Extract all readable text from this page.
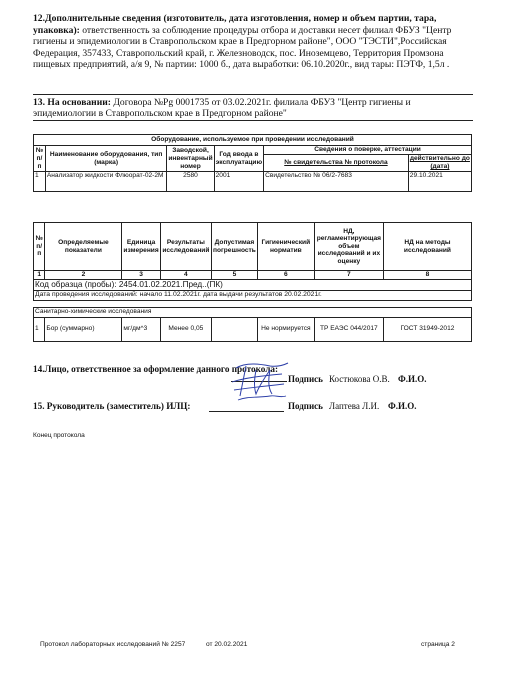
12.Дополнительные сведения (изготовитель, дата изготовления, номер и объем партии, тара, упаковка): ответственность за соблюдение процедуры отбора и доставки несет филиал ФБУЗ "Центр гигиены и эпидемиологии в Ставропольском крае в Предгорном районе", ООО "ТЭСТИ",Российская Федерация, 357433, Ставропольский край, г. Железноводск, пос. Иноземцево, Территория Промзона пищевых предприятий, а/я 9, № партии: 1000 б., дата выработки: 06.10.2020г., вид тары: ПЭТФ, 1,5л .
13. На основании: Договора №Pg 0001735 от 03.02.2021г. филиала ФБУЗ "Центр гигиены и эпидемиологии в Ставропольском крае в Предгорном районе"
Оборудование, используемое при проведении исследований					
№ п/п	Наименование оборудования, тип (марка)	Заводской, инвентарный номер	Год ввода в эксплуатацию	Сведения о поверке, аттестации	
				№ свидетельства № протокола	действительно до (дата)
1	Анализатор жидкости Флюорат-02-2М	2580	2001	Свидетельство № 06/2-7683	29.10.2021
№ п/п	Определяемые показатели	Единица измерения	Результаты исследований	Допустимая погрешность	Гигиенический норматив	НД, регламентирующая объем исследований и их оценку	НД на методы исследований
1	2	3	4	5	6	7	8
Код образца (пробы): 2454.01.02.2021.Пред..(ПК)							
Дата проведения исследований: начало 11.02.2021г. дата выдачи результатов 20.02.2021г.							

Санитарно-химические исследования							
1	Бор (суммарно)	мг/дм^3	Менее 0,05		Не нормируется	ТР ЕАЭС 044/2017	ГОСТ 31949-2012
14.Лицо, ответственное за оформление данного протокола:
Подпись Костюкова О.В. Ф.И.О.
15. Руководитель (заместитель) ИЛЦ:	Подпись Лаптева Л.И. Ф.И.О.
Конец протокола
Протокол лабораторных исследований № 2257	от 20.02.2021	страница 2
